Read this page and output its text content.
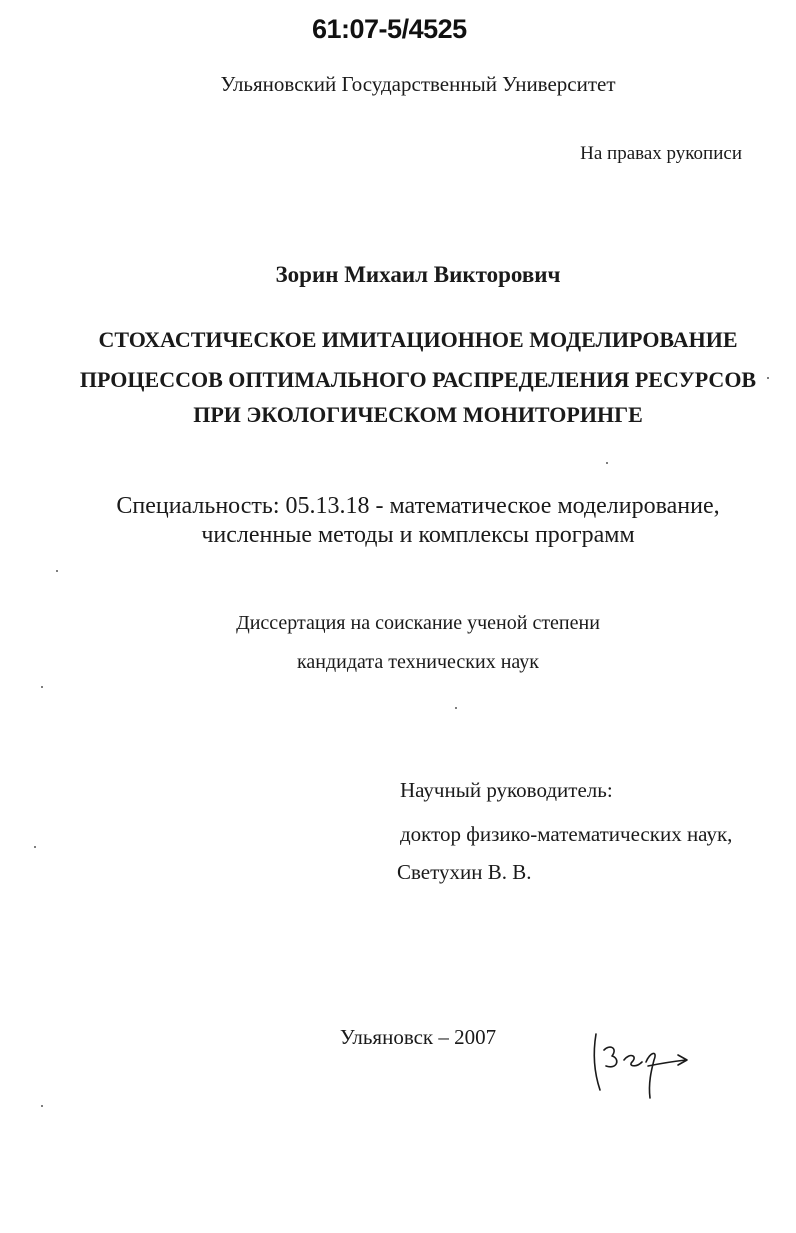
61:07-5/4525
Ульяновский Государственный Университет
На правах рукописи
Зорин Михаил Викторович
СТОХАСТИЧЕСКОЕ ИМИТАЦИОННОЕ МОДЕЛИРОВАНИЕ
ПРОЦЕССОВ ОПТИМАЛЬНОГО РАСПРЕДЕЛЕНИЯ РЕСУРСОВ
ПРИ ЭКОЛОГИЧЕСКОМ МОНИТОРИНГЕ
Специальность: 05.13.18 - математическое моделирование,
численные методы и комплексы программ
Диссертация на соискание ученой степени
кандидата технических наук
Научный руководитель:
доктор физико-математических наук,
Светухин В. В.
Ульяновск – 2007
